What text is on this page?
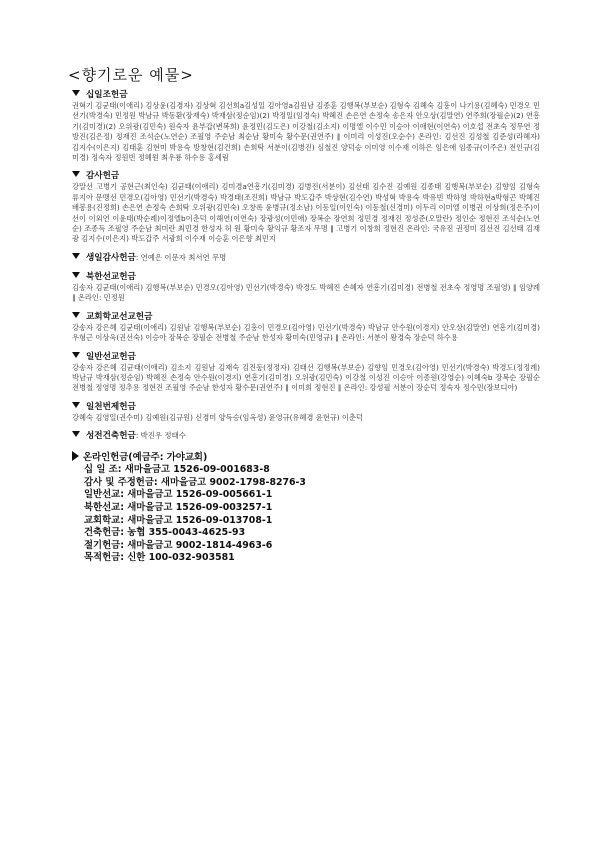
<향기로운 예물>
십일조헌금
권혁기 김균태(이애리) 김상윤(김경자) 김상혁 김선희a김성일 김아영a김원남 김종훈 김행복(부보순) 김형숙 김혜숙 김훙이 나기용(김혜숙) 민경오 민선기(박경숙) 민정원 박남규 박동환(장재숙) 박재삼(정순임)(2) 박정일(임경숙) 박혜진 손은연 손정숙 송은자 안오상(김말연) 연주희(장필순)(2) 연흥기(김미경)(2) 오위광(김민숙) 원숙자 윤부갑(변복희) 윤정민(김도은) 이강철(김소지) 이명엘 이수민 이승아 이애현(이연숙) 이호섭 전초숙 정무연 정방진(김은정) 정재진 조석순(노연순) 조필영 주순남 최순남 황미숙 황수문(권연주) ∥ 이미리 이성진(오순수) 온라인: 김선진 김성철 김준성(라혜자) 김지수(이은지) 김태훈 김현미 박용숙 방창현(김건희) 손희탁 서분이(김병진) 심철진 양덕승 이미영 이수재 이하은 임은애 임종규(이주은) 전인규(김미경) 정숙자 정원빈 정혜원 최우룡 하수용 홍세림
감사헌금
강말선 고병기 공현근(최인숙) 김균태(이애리) 김미경a연흥기(김미경) 김병진(서분이) 김선태 김수진 김예원 김종태 김행복(부보순) 김향임 김형숙 류지아 문맹선 민경오(김아영) 민선기(박경숙) 박경태(조진희) 박남규 박도갑주 박상현(김수연) 박성혁 박용숙 박유빈 박하영 박하현a박형곤 박혜진 배봉용(진정희) 손은연 손정숙 손희탁 오위광(김민숙) 오창록 윤병규(정소남) 이동일(이인숙) 이동철(신경미) 이두리 이미엘 이병권 이상희(정은주)이선이 이외연 이윤태(박순례)이정엘b이춘덕 이해연(이연숙) 장광성(이민애) 장복순 장연희 정민경 정재진 정성준(오말란) 정인순 정현진 조석순(노연순) 조종득 조필영 주순남 최미란 최민경 한성자 허 원 황미숙 황익규 황조자 무명 ∥ 고병기 이창희 정현진 온라인: 국유진 권정미 김선진 김선태 김재광 김지수(이은지) 박도갑주 서광희 이수재 이승훈 이은향 최민지
생일감사헌금: 연예은 이문자 최서연 무명
북한선교헌금
김송자 김균태(이애리) 김행복(부보순) 민경오(김아영) 민선기(박경숙) 박경도 박혜진 손혜자 연흥기(김미경) 전병철 전초숙 정영명 조필영) ∥ 임양례 ∥ 온라인: 민정원
교회학교선교헌금
강송자 강은혜 김균태(이애리) 김원남 김행복(부보순) 김훙이 민경오(김아영) 민선기(박경숙) 박남규 안수원(이경지) 안오상(김말연) 연흥기(김미경) 우형근 이상욱(권선숙) 이승아 장복순 장필순 전병철 주순남 한성자 황미숙(민영규) ∥ 온라인: 서분이 왕경숙 장순덕 하수용
일반선교헌금
강송자 강은혜 김균태(이애리) 김소지 김원남 김재숙 김진동(정정자) 김태선 김행복(부보순) 김향임 민경오(김아영) 민선기(박경숙) 박경도(정정례) 박남규 박재삼(정순임) 박혜진 손정숙 안수원(이경지) 연흥기(김미경) 오위광(김민숙) 이강철 이성진 이승아 이종원(강영순) 이혜숙b 장복순 장필순 전병철 정영명 정추용 정현진 조필영 주순남 한성자 황수문(권연주) ∥ 이미희 정현진 ∥ 온라인: 강성필 서분이 장순덕 정숙자 정수민(장보디아)
일천번제헌금
강혜숙 김영일(권수미) 김예원(김규원) 신경미 양득승(임옥성) 윤영규(유혜경 윤현규) 이춘덕
성전건축헌금: 박진우 정태수
온라인헌금(예금주: 가야교회)
십 일 조: 새마을금고 1526-09-001683-8
감사 및 주정헌금: 새마을금고 9002-1798-8276-3
일반선교: 새마을금고 1526-09-005661-1
북한선교: 새마을금고 1526-09-003257-1
교회학교: 새마을금고 1526-09-013708-1
건축헌금: 농협 355-0043-4625-93
절기헌금: 새마을금고 9002-1814-4963-6
목적헌금: 신한 100-032-903581
